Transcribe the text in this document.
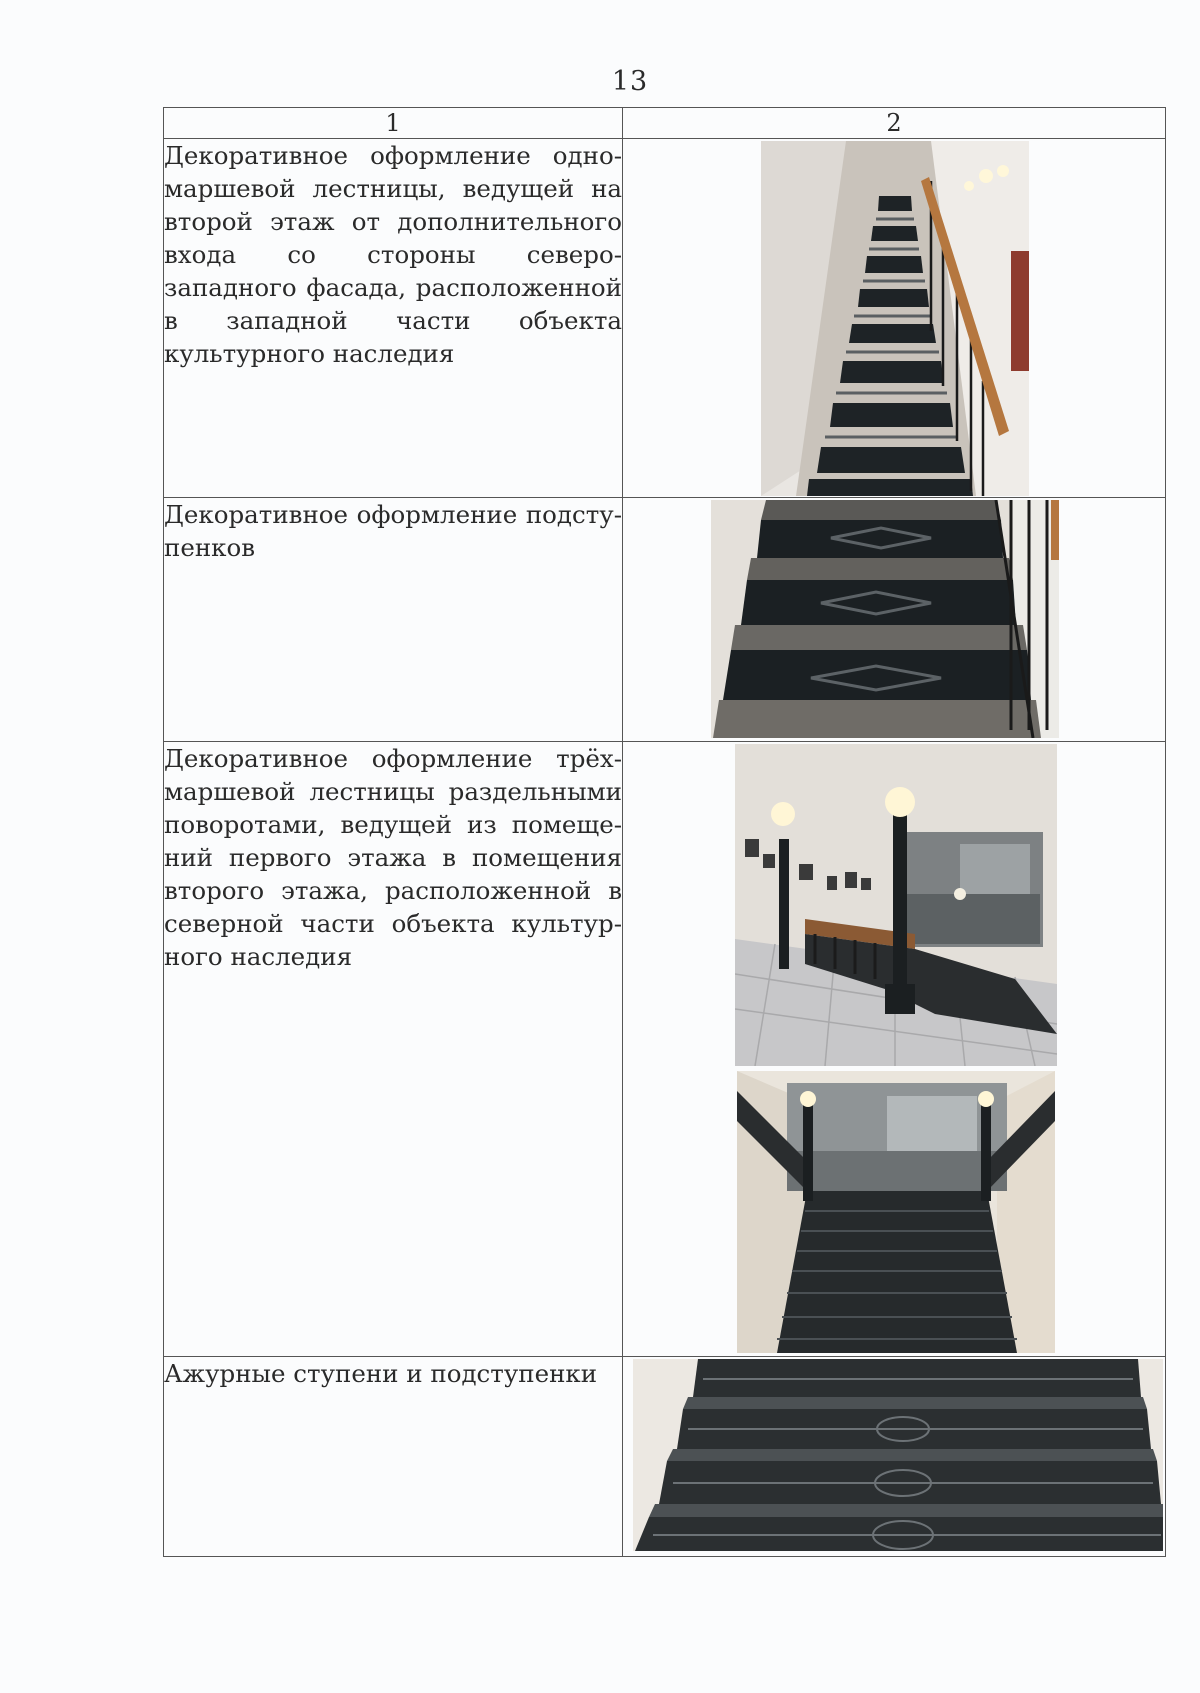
13
1	2
Декоративное оформление одномаршевой лестницы, ведущей на второй этаж от дополнительного входа со стороны северо-западного фасада, расположенной в западной части объекта культурного наследия	

Декоративное оформление подступенков	

Декоративное оформление трёхмаршевой лестницы раздельными поворотами, ведущей из помещений первого этажа в помещения второго этажа, расположенной в северной части объекта культурного наследия	

Ажурные ступени и подступенки	
